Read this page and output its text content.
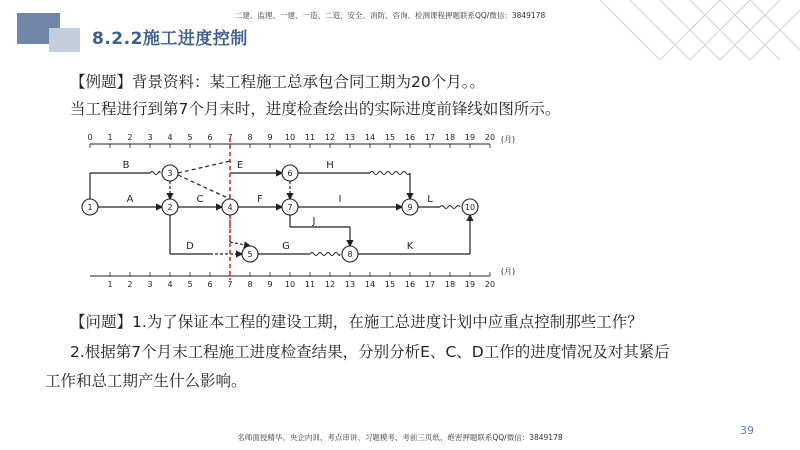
8.2.2施工进度控制
二建、监理、一建、一造、二造、安全、消防、咨询、检测课程押题联系QQ/微信：3849178
【例题】背景资料：某工程施工总承包合同工期为20个月。。
当工程进行到第7个月末时，进度检查绘出的实际进度前锋线如图所示。
0 1 2 3 4 5 6 7 8 9 10 11 12 13 14 15 16 17 18 19 20 (月)
1 2 3 4 5 6 7 8 9 10 11 12 13 14 15 16 17 18 19 20
(月)
1	2
3
4
5
6
7
8
9	10
A
B
C
D
E
F
G
H
I
J
K
L
【问题】1.为了保证本工程的建设工期，在施工总进度计划中应重点控制那些工作？
2.根据第7个月末工程施工进度检查结果，分别分析E、C、D工作的进度情况及对其紧后
工作和总工期产生什么影响。
名师面授精华、央企内训、考点串讲、习题模考、考前三页纸、绝密押题联系QQ/微信：3849178
39
